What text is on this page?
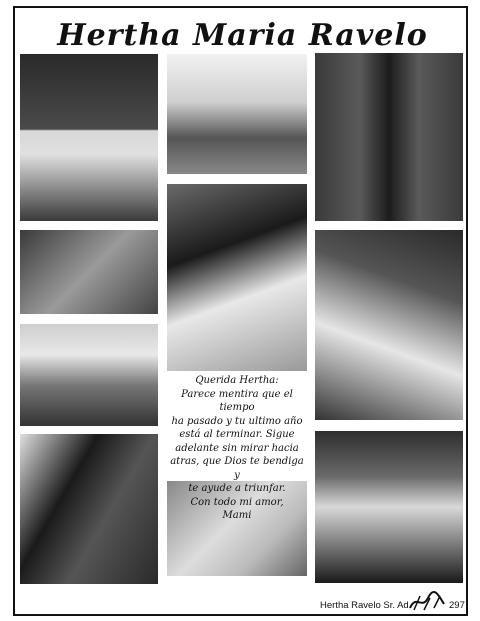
Hertha Maria Ravelo
Querida Hertha:
Parece mentira que el tiempo
ha pasado y tu ultimo año
está al terminar. Sigue
adelante sin mirar hacia
atras, que Dios te bendiga y
te ayude a triunfar.
Con todo mi amor,
Mami
Hertha Ravelo Sr. Ad.	297
